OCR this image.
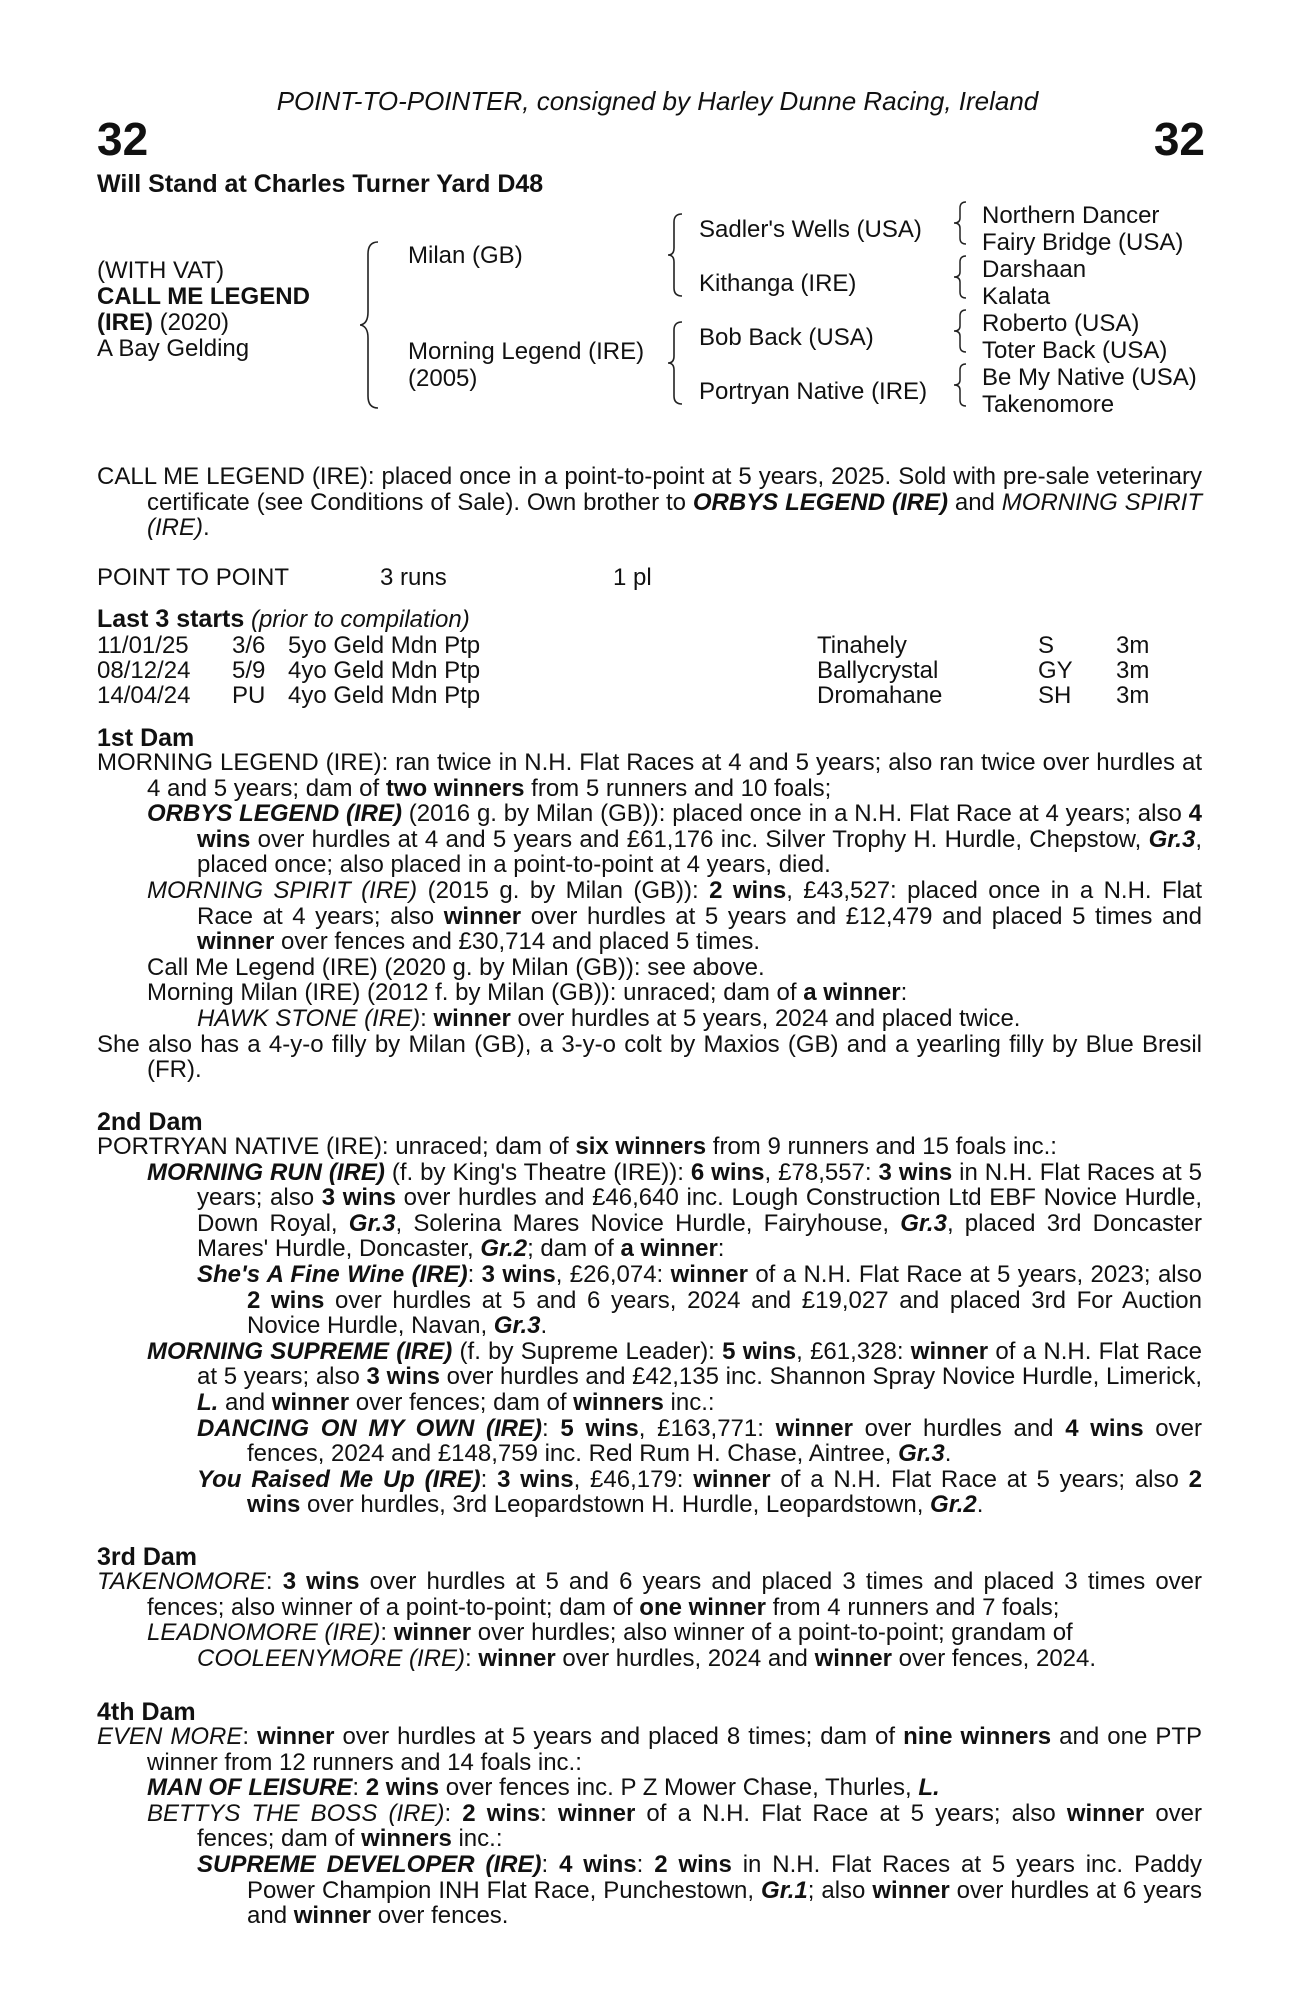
POINT-TO-POINTER, consigned by Harley Dunne Racing, Ireland
32	32
Will Stand at Charles Turner Yard D48
(WITH VAT)
CALL ME LEGEND
(IRE) (2020)
A Bay Gelding
Milan (GB)
Morning Legend (IRE)
(2005)
Sadler's Wells (USA)
Kithanga (IRE)
Bob Back (USA)
Portryan Native (IRE)
Northern Dancer
Fairy Bridge (USA)
Darshaan
Kalata
Roberto (USA)
Toter Back (USA)
Be My Native (USA)
Takenomore

CALL ME LEGEND (IRE): placed once in a point-to-point at 5 years, 2025. Sold with pre-sale veterinary certificate (see Conditions of Sale). Own brother to ORBYS LEGEND (IRE) and MORNING SPIRIT (IRE).

POINT TO POINT	3 runs	1 pl
Last 3 starts (prior to compilation)
11/01/25 3/6 5yo Geld Mdn Ptp	Tinahely	S	3m
08/12/24 5/9 4yo Geld Mdn Ptp	Ballycrystal	GY 3m
14/04/24 PU 4yo Geld Mdn Ptp	Dromahane	SH 3m
1st Dam

MORNING LEGEND (IRE): ran twice in N.H. Flat Races at 4 and 5 years; also ran twice over hurdles at 4 and 5 years; dam of two winners from 5 runners and 10 foals;

ORBYS LEGEND (IRE) (2016 g. by Milan (GB)): placed once in a N.H. Flat Race at 4 years; also 4 wins over hurdles at 4 and 5 years and £61,176 inc. Silver Trophy H. Hurdle, Chepstow, Gr.3, placed once; also placed in a point-to-point at 4 years, died.

MORNING SPIRIT (IRE) (2015 g. by Milan (GB)): 2 wins, £43,527: placed once in a N.H. Flat Race at 4 years; also winner over hurdles at 5 years and £12,479 and placed 5 times and winner over fences and £30,714 and placed 5 times.

Call Me Legend (IRE) (2020 g. by Milan (GB)): see above.

Morning Milan (IRE) (2012 f. by Milan (GB)): unraced; dam of a winner:

HAWK STONE (IRE): winner over hurdles at 5 years, 2024 and placed twice.

She also has a 4-y-o filly by Milan (GB), a 3-y-o colt by Maxios (GB) and a yearling filly by Blue Bresil (FR).

2nd Dam

PORTRYAN NATIVE (IRE): unraced; dam of six winners from 9 runners and 15 foals inc.:

MORNING RUN (IRE) (f. by King's Theatre (IRE)): 6 wins, £78,557: 3 wins in N.H. Flat Races at 5 years; also 3 wins over hurdles and £46,640 inc. Lough Construction Ltd EBF Novice Hurdle, Down Royal, Gr.3, Solerina Mares Novice Hurdle, Fairyhouse, Gr.3, placed 3rd Doncaster Mares' Hurdle, Doncaster, Gr.2; dam of a winner:

She's A Fine Wine (IRE): 3 wins, £26,074: winner of a N.H. Flat Race at 5 years, 2023; also 2 wins over hurdles at 5 and 6 years, 2024 and £19,027 and placed 3rd For Auction Novice Hurdle, Navan, Gr.3.

MORNING SUPREME (IRE) (f. by Supreme Leader): 5 wins, £61,328: winner of a N.H. Flat Race at 5 years; also 3 wins over hurdles and £42,135 inc. Shannon Spray Novice Hurdle, Limerick, L. and winner over fences; dam of winners inc.:

DANCING ON MY OWN (IRE): 5 wins, £163,771: winner over hurdles and 4 wins over fences, 2024 and £148,759 inc. Red Rum H. Chase, Aintree, Gr.3.

You Raised Me Up (IRE): 3 wins, £46,179: winner of a N.H. Flat Race at 5 years; also 2 wins over hurdles, 3rd Leopardstown H. Hurdle, Leopardstown, Gr.2.

3rd Dam

TAKENOMORE: 3 wins over hurdles at 5 and 6 years and placed 3 times and placed 3 times over fences; also winner of a point-to-point; dam of one winner from 4 runners and 7 foals;

LEADNOMORE (IRE): winner over hurdles; also winner of a point-to-point; grandam of

COOLEENYMORE (IRE): winner over hurdles, 2024 and winner over fences, 2024.

4th Dam

EVEN MORE: winner over hurdles at 5 years and placed 8 times; dam of nine winners and one PTP winner from 12 runners and 14 foals inc.:

MAN OF LEISURE: 2 wins over fences inc. P Z Mower Chase, Thurles, L.

BETTYS THE BOSS (IRE): 2 wins: winner of a N.H. Flat Race at 5 years; also winner over fences; dam of winners inc.:

SUPREME DEVELOPER (IRE): 4 wins: 2 wins in N.H. Flat Races at 5 years inc. Paddy Power Champion INH Flat Race, Punchestown, Gr.1; also winner over hurdles at 6 years and winner over fences.
